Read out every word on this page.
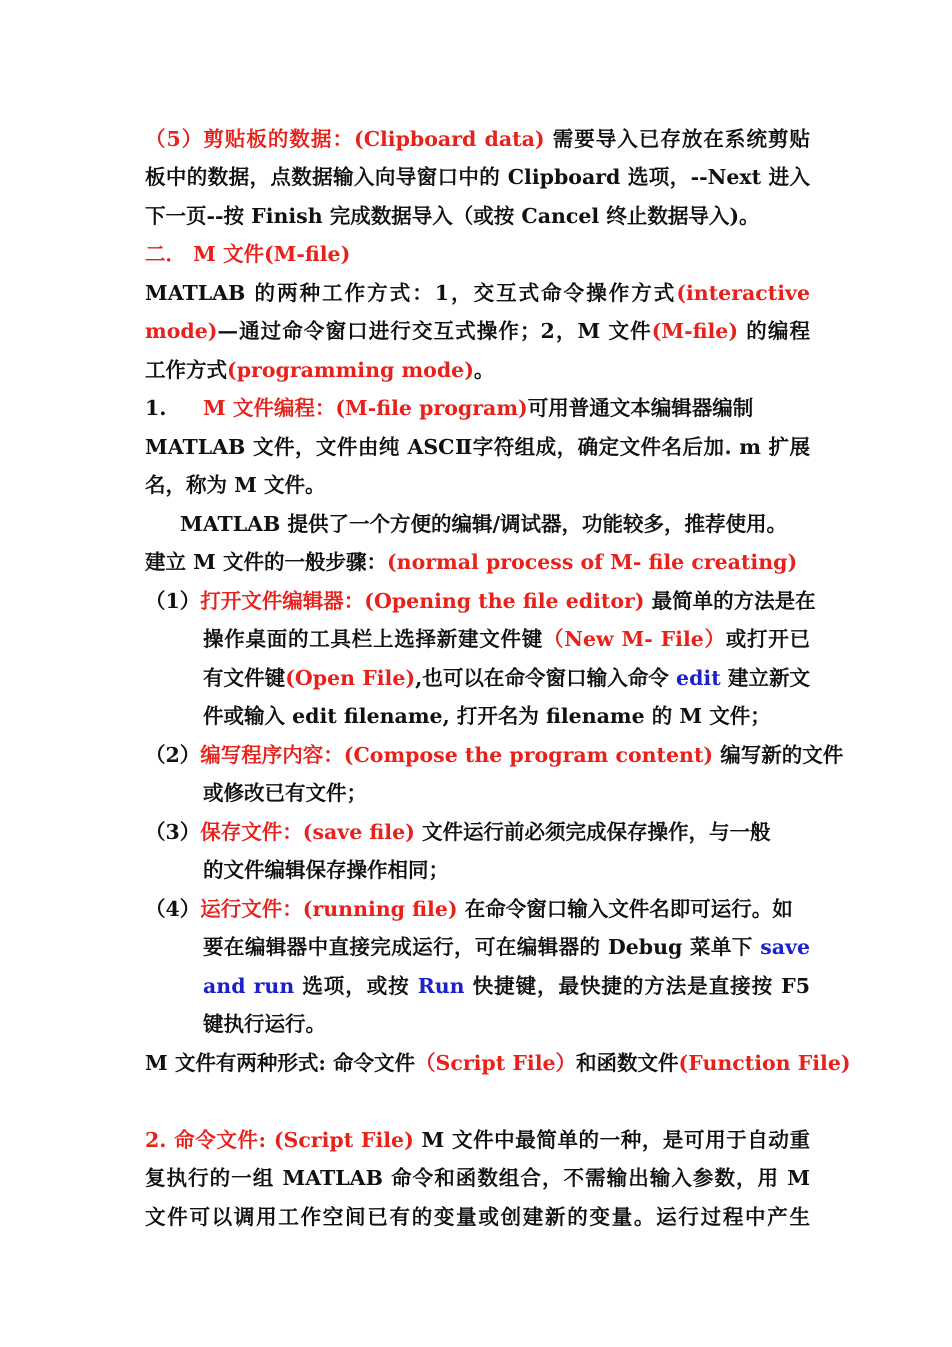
（5）剪贴板的数据：(Clipboard data) 需要导入已存放在系统剪贴
板中的数据，点数据输入向导窗口中的 Clipboard 选项，--Next 进入
下一页--按 Finish 完成数据导入（或按 Cancel 终止数据导入)。
二． M 文件(M-file)
MATLAB 的两种工作方式：1，交互式命令操作方式(interactive
mode)—通过命令窗口进行交互式操作；2，M 文件(M-file) 的编程
工作方式(programming mode)。
1. M 文件编程：(M-file program)可用普通文本编辑器编制
MATLAB 文件，文件由纯 ASCⅡ字符组成，确定文件名后加. m 扩展
名，称为 M 文件。
MATLAB 提供了一个方便的编辑/调试器，功能较多，推荐使用。
建立 M 文件的一般步骤：(normal process of M- file creating)
（1）打开文件编辑器：(Opening the file editor) 最简单的方法是在
操作桌面的工具栏上选择新建文件键（New M- File）或打开已
有文件键(Open File),也可以在命令窗口输入命令 edit 建立新文
件或输入 edit filename, 打开名为 filename 的 M 文件；
（2）编写程序内容：(Compose the program content) 编写新的文件
或修改已有文件；
（3）保存文件：(save file) 文件运行前必须完成保存操作，与一般
的文件编辑保存操作相同；
（4）运行文件：(running file) 在命令窗口输入文件名即可运行。如
要在编辑器中直接完成运行，可在编辑器的 Debug 菜单下 save
and run 选项，或按 Run 快捷键，最快捷的方法是直接按 F5
键执行运行。
M 文件有两种形式: 命令文件（Script File）和函数文件(Function File)
2. 命令文件: (Script File) M 文件中最简单的一种，是可用于自动重
复执行的一组 MATLAB 命令和函数组合，不需输出输入参数，用 M
文件可以调用工作空间已有的变量或创建新的变量。运行过程中产生
